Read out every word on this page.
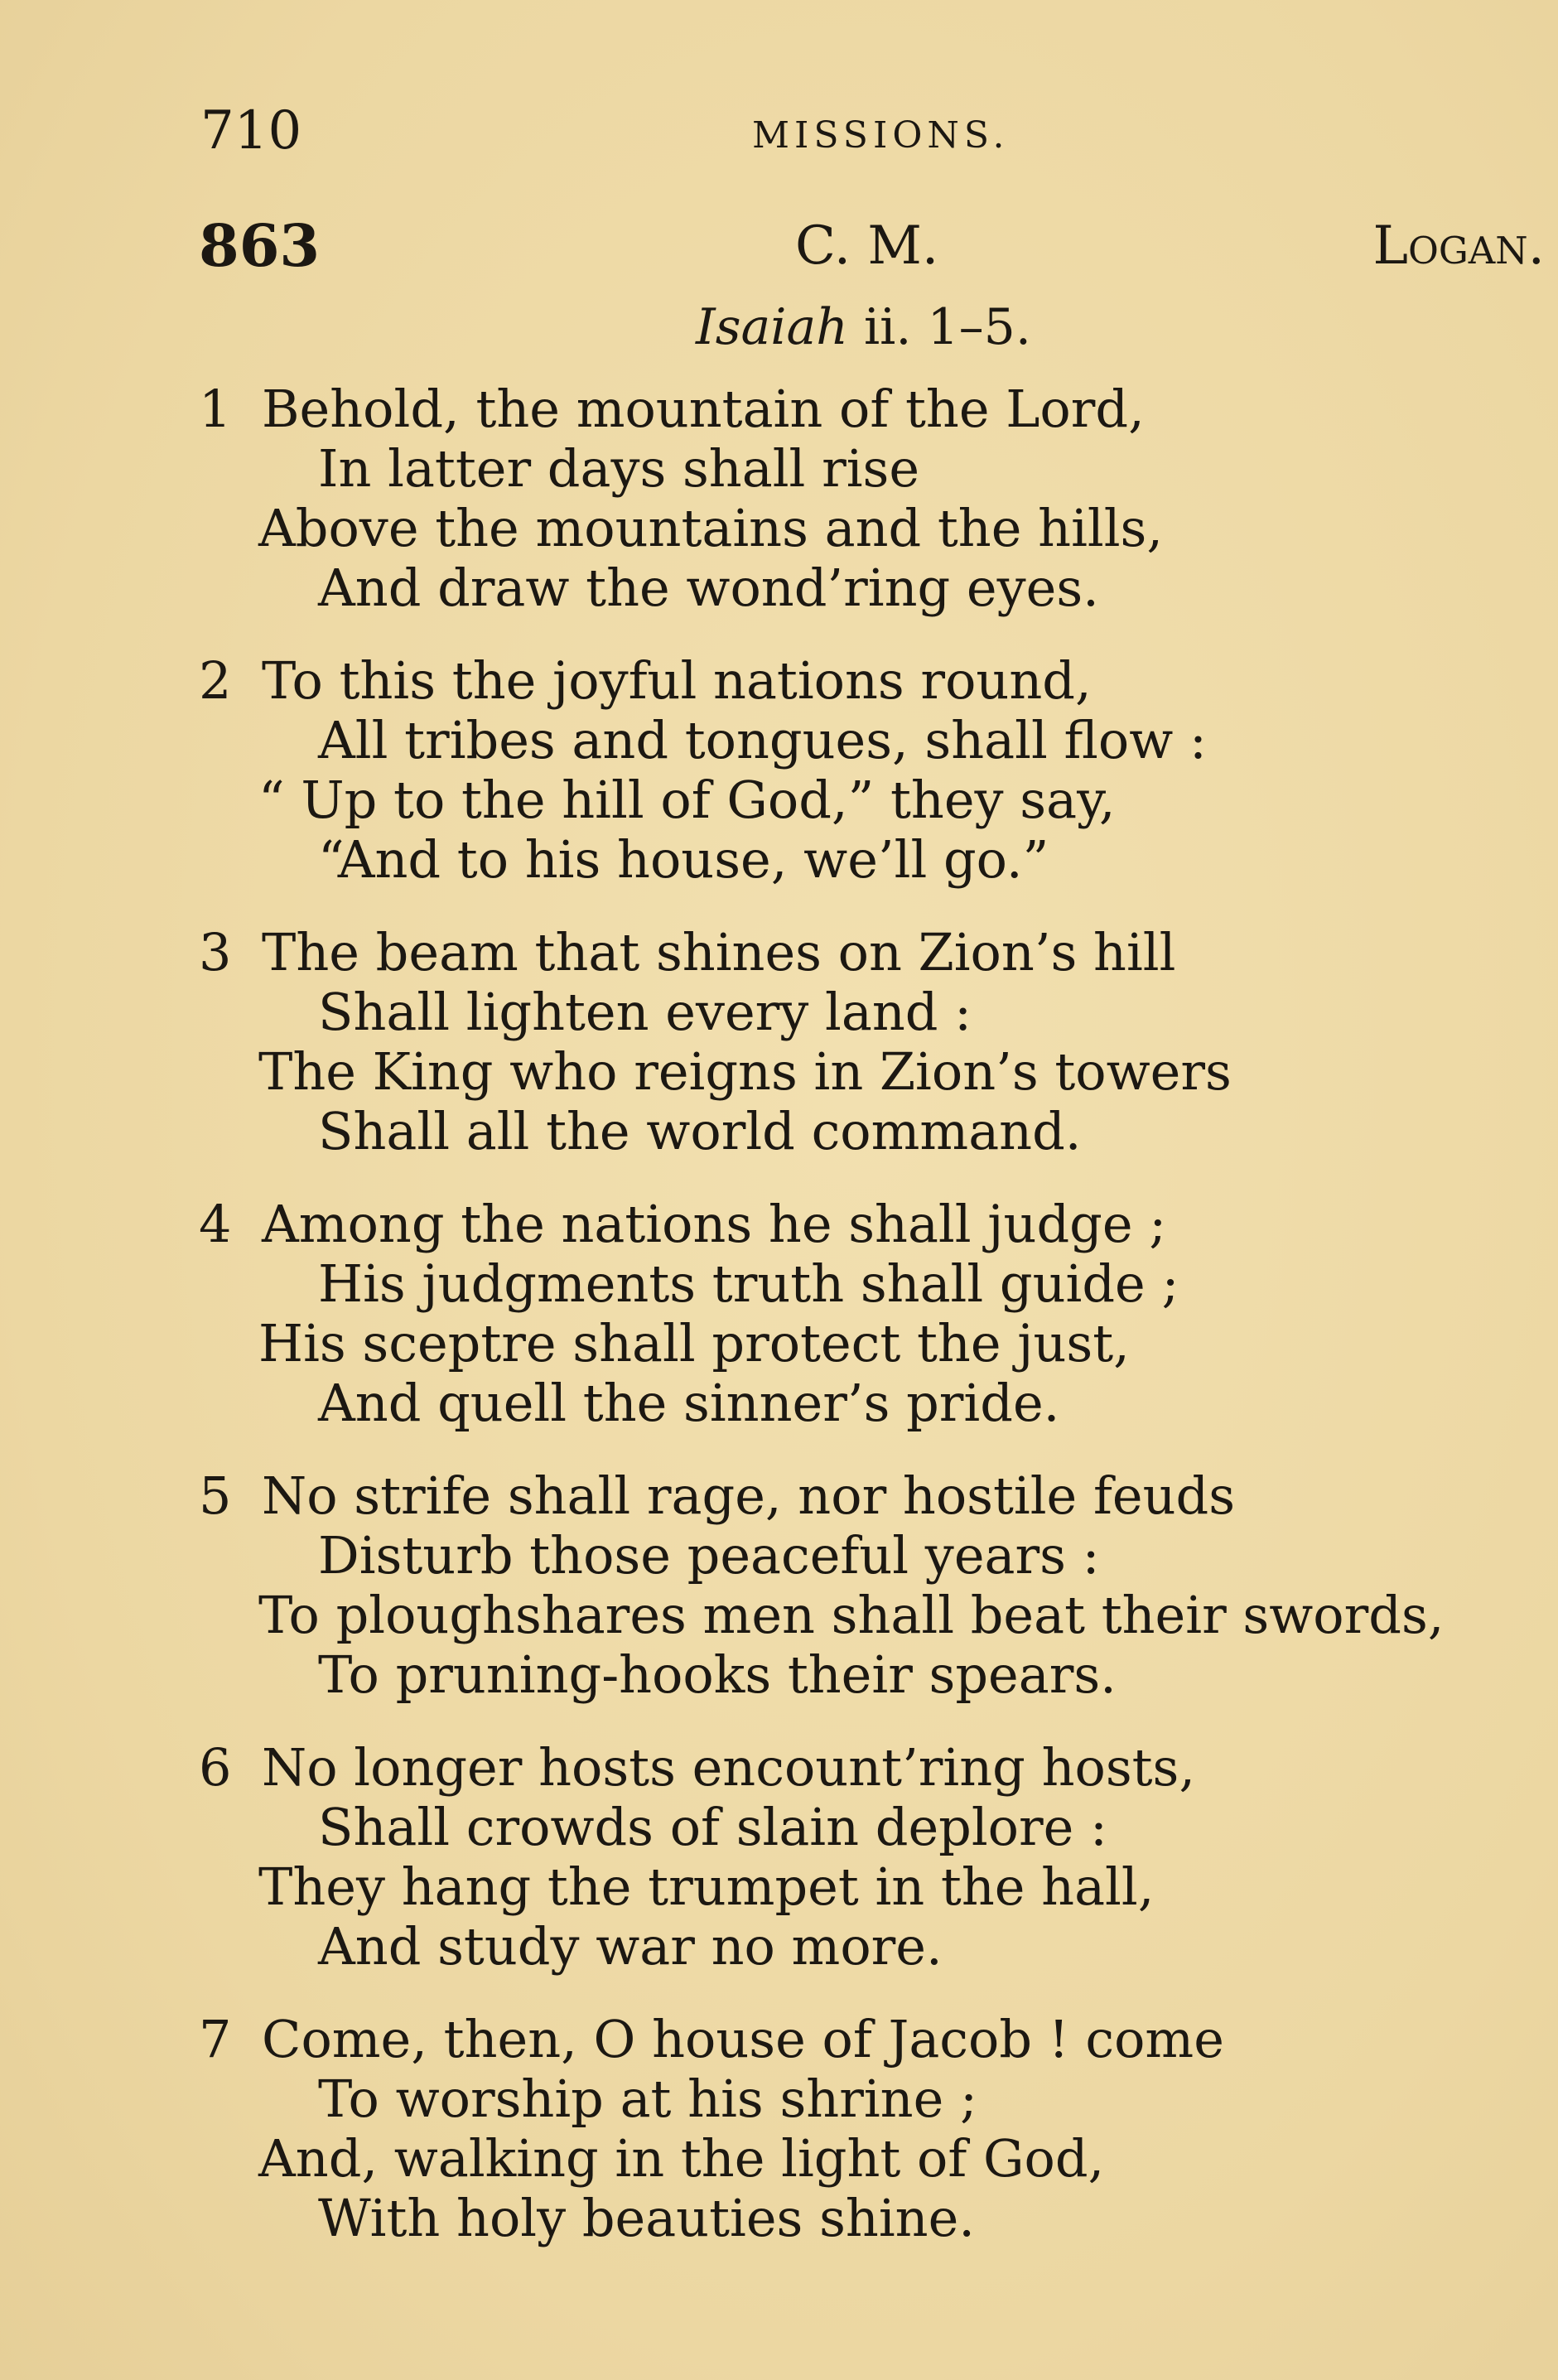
710	MISSIONS.
863	C. M.	Logan.
Isaiah ii. 1–5.
1 Behold, the mountain of the Lord,
In latter days shall rise
Above the mountains and the hills,
And draw the wond’ring eyes.
2 To this the joyful nations round,
All tribes and tongues, shall flow :
“ Up to the hill of God,” they say,
“And to his house, we’ll go.”
3 The beam that shines on Zion’s hill
Shall lighten every land :
The King who reigns in Zion’s towers
Shall all the world command.
4 Among the nations he shall judge ;
His judgments truth shall guide ;
His sceptre shall protect the just,
And quell the sinner’s pride.
5 No strife shall rage, nor hostile feuds
Disturb those peaceful years :
To ploughshares men shall beat their swords,
To pruning-hooks their spears.
6 No longer hosts encount’ring hosts,
Shall crowds of slain deplore :
They hang the trumpet in the hall,
And study war no more.
7 Come, then, O house of Jacob ! come
To worship at his shrine ;
And, walking in the light of God,
With holy beauties shine.
